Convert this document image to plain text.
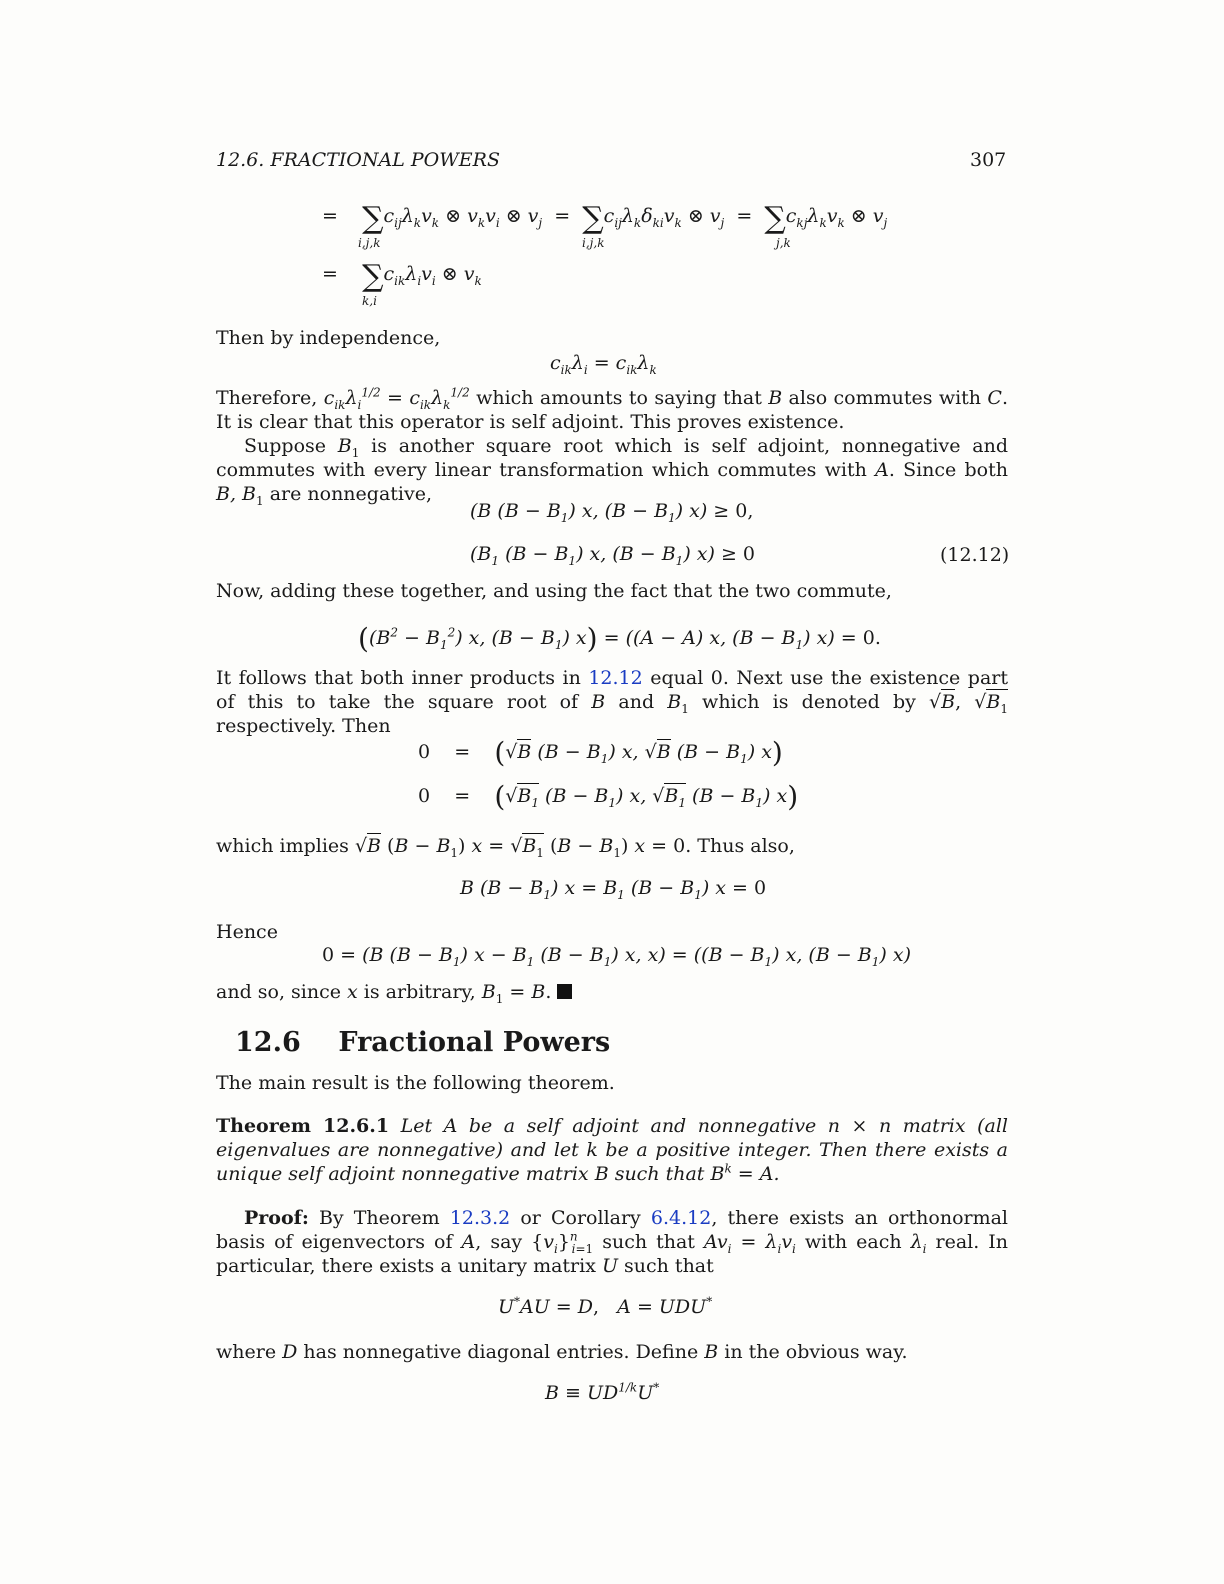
12.6. FRACTIONAL POWERS	307
= $\sum c_{ij}\lambda_kv_k$ ⊗ $v_kv_i$ ⊗ $v_j = \sum c_{ij}\lambda_k\delta_{ki}v_k$ ⊗ $v_j = \sum c_{kj}\lambda_kv_k$ ⊗ $v_j$
i,j,k	i,j,k	j,k
= $\sum c_{ik}\lambda_iv_i$ ⊗ $v_k$
k,i
Then by independence,
$c_{ik}\lambda_i = c_{ik}\lambda_k$
Therefore, $c_{ik}\lambda_i^{1/2} = c_{ik}\lambda_k^{1/2}$ which amounts to saying that B also commutes with C. It is clear that this operator is self adjoint. This proves existence.
Suppose $B_1$ is another square root which is self adjoint, nonnegative and commutes with every linear transformation which commutes with A. Since both B, $B_1$ are nonnegative,
(B $(B - B_1)$ x, $(B - B_1)$ x) ≥ 0,
($B_1$ $(B - B_1)$ x, $(B - B_1)$ x) ≥ 0	(12.12)
Now, adding these together, and using the fact that the two commute,
($(B^2 - B_1^2)$ x, $(B - B_1)$ x) = ((A − A) x, $(B - B_1)$ x) = 0.
It follows that both inner products in 12.12 equal 0. Next use the existence part of this to take the square root of B and $B_1$ which is denoted by √B, $√B_1$ respectively. Then
0    =    (√B $(B - B_1)$ x, √B $(B - B_1)$ x)
0    =    ($√B_1$ $(B - B_1)$ x, $√B_1$ $(B - B_1)$ x)
which implies √B $(B - B_1)$ $x = √B_1$ $(B - B_1)$ x = 0. Thus also,
B $(B - B_1)$ $x = B_1$ $(B - B_1)$ x = 0
Hence
0 = (B $(B - B_1)$ $x - B_1$ $(B - B_1)$ x, $x) = ((B - B_1)$ x, $(B - B_1)$ x)
and so, since x is arbitrary, $B_1 = B$.
12.6 Fractional Powers
The main result is the following theorem.
Theorem 12.6.1 Let A be a self adjoint and nonnegative n × n matrix (all eigenvalues are nonnegative) and let k be a positive integer. Then there exists a unique self adjoint nonnegative matrix B such that $B^k = A$.
Proof: By Theorem 12.3.2 or Corollary 6.4.12, there exists an orthonormal basis of eigenvectors of A, say $\{v_i\}^n_{i=1}$ such that $Av_i = \lambda_iv_i$ with each $\lambda_i$ real. In particular, there exists a unitary matrix U such that
U*AU = D, A = UDU*
where D has nonnegative diagonal entries. Define B in the obvious way.
$B \equiv UD^{1/k}U^*$
